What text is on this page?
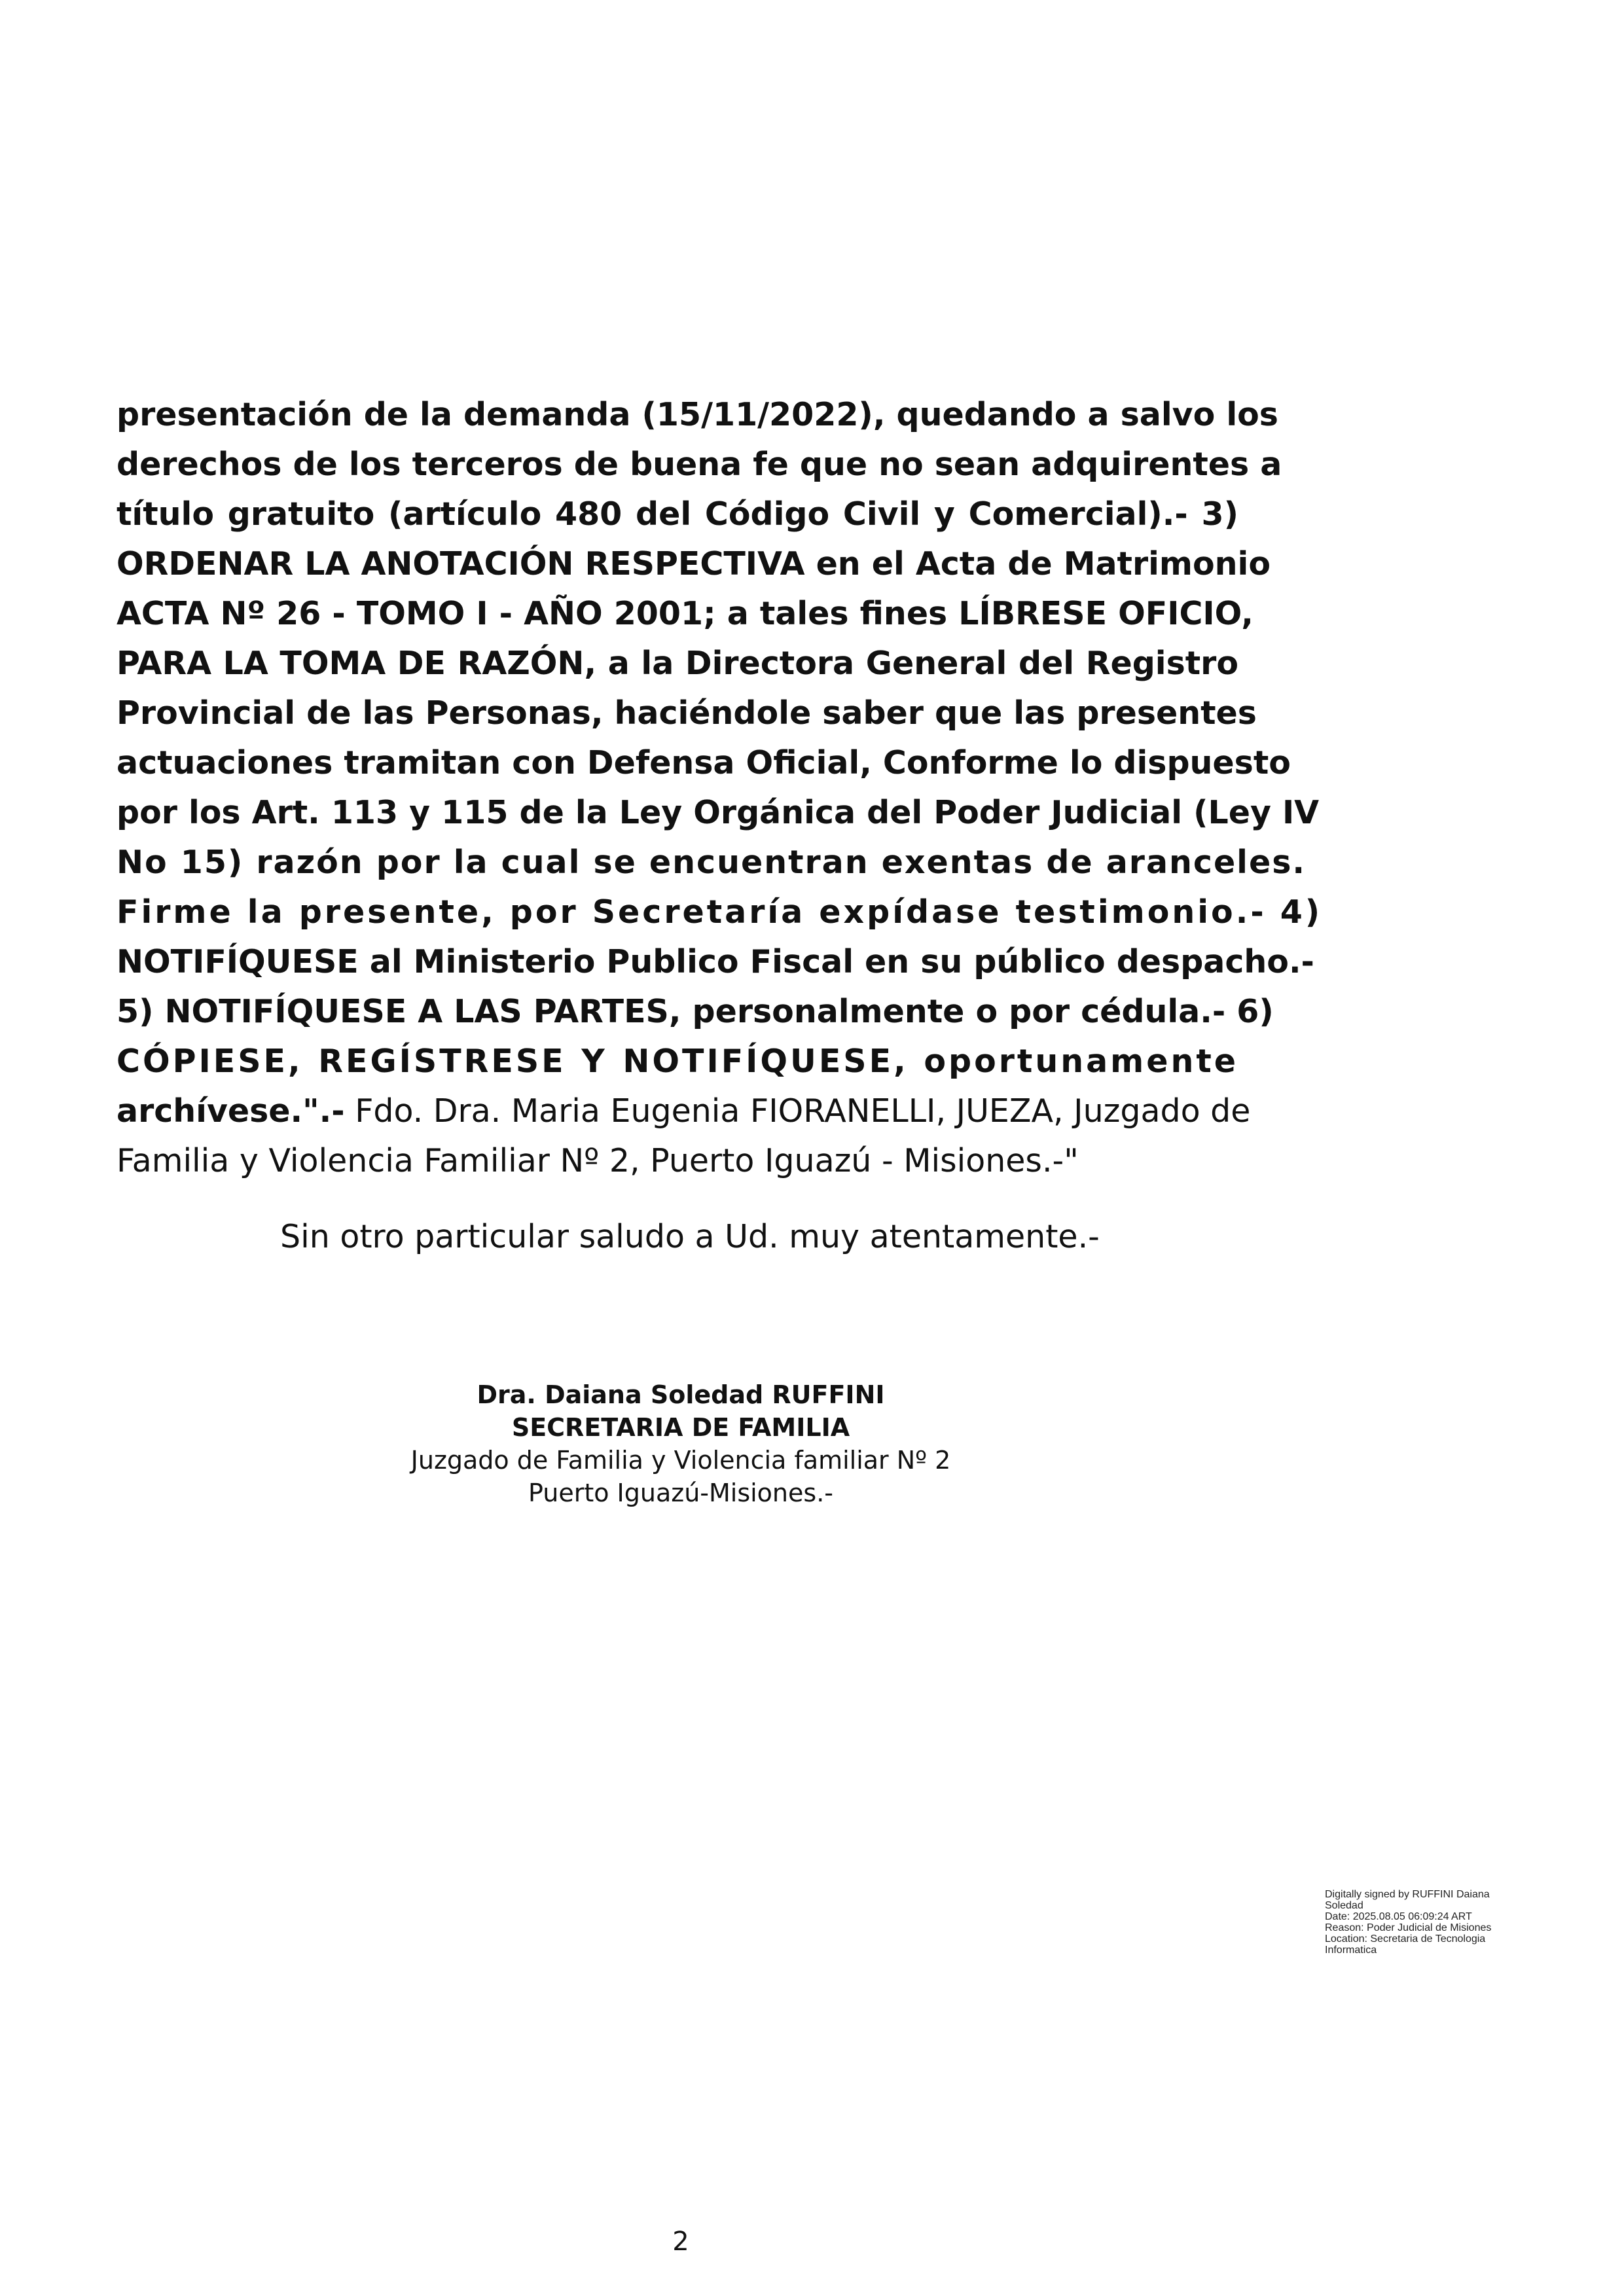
presentación de la demanda (15/11/2022), quedando a salvo los
derechos de los terceros de buena fe que no sean adquirentes a
título gratuito (artículo 480 del Código Civil y Comercial).- 3)
ORDENAR LA ANOTACIÓN RESPECTIVA en el Acta de Matrimonio
ACTA Nº 26 - TOMO I - AÑO 2001; a tales fines LÍBRESE OFICIO,
PARA LA TOMA DE RAZÓN, a la Directora General del Registro
Provincial de las Personas, haciéndole saber que las presentes
actuaciones tramitan con Defensa Oficial, Conforme lo dispuesto
por los Art. 113 y 115 de la Ley Orgánica del Poder Judicial (Ley IV
No 15) razón por la cual se encuentran exentas de aranceles.
Firme la presente, por Secretaría expídase testimonio.- 4)
NOTIFÍQUESE al Ministerio Publico Fiscal en su público despacho.-
5) NOTIFÍQUESE A LAS PARTES, personalmente o por cédula.- 6)
CÓPIESE, REGÍSTRESE Y NOTIFÍQUESE, oportunamente
archívese.".- Fdo. Dra. Maria Eugenia FIORANELLI, JUEZA, Juzgado de
Familia y Violencia Familiar Nº 2, Puerto Iguazú - Misiones.-"
Sin otro particular saludo a Ud. muy atentamente.-
Dra. Daiana Soledad RUFFINI
SECRETARIA DE FAMILIA
Juzgado de Familia y Violencia familiar Nº 2
Puerto Iguazú-Misiones.-
Digitally signed by RUFFINI Daiana
Soledad
Date: 2025.08.05 06:09:24 ART
Reason: Poder Judicial de Misiones
Location: Secretaria de Tecnologia
Informatica
2
